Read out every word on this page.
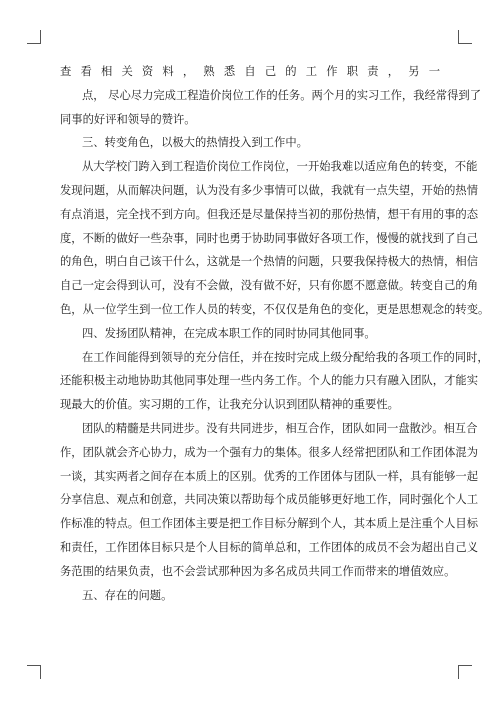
查看相关资料，熟悉自己的工作职责，另一
点， 尽心尽力完成工程造价岗位工作的任务。两个月的实习工作，我经常得到了
同事的好评和领导的赞许。
三、转变角色，以极大的热情投入到工作中。
从大学校门跨入到工程造价岗位工作岗位，一开始我难以适应角色的转变，不能
发现问题，从而解决问题，认为没有多少事情可以做，我就有一点失望，开始的热情
有点消退，完全找不到方向。但我还是尽量保持当初的那份热情，想干有用的事的态
度，不断的做好一些杂事，同时也勇于协助同事做好各项工作，慢慢的就找到了自己
的角色，明白自己该干什么，这就是一个热情的问题，只要我保持极大的热情，相信
自己一定会得到认可，没有不会做，没有做不好，只有你愿不愿意做。转变自己的角
色，从一位学生到一位工作人员的转变，不仅仅是角色的变化，更是思想观念的转变。
四、发扬团队精神，在完成本职工作的同时协同其他同事。
在工作间能得到领导的充分信任，并在按时完成上级分配给我的各项工作的同时，
还能积极主动地协助其他同事处理一些内务工作。个人的能力只有融入团队，才能实
现最大的价值。实习期的工作，让我充分认识到团队精神的重要性。
团队的精髓是共同进步。没有共同进步，相互合作，团队如同一盘散沙。相互合
作，团队就会齐心协力，成为一个强有力的集体。很多人经常把团队和工作团体混为
一谈，其实两者之间存在本质上的区别。优秀的工作团体与团队一样，具有能够一起
分享信息、观点和创意，共同决策以帮助每个成员能够更好地工作，同时强化个人工
作标准的特点。但工作团体主要是把工作目标分解到个人，其本质上是注重个人目标
和责任，工作团体目标只是个人目标的简单总和，工作团体的成员不会为超出自己义
务范围的结果负责，也不会尝试那种因为多名成员共同工作而带来的增值效应。
五、存在的问题。
